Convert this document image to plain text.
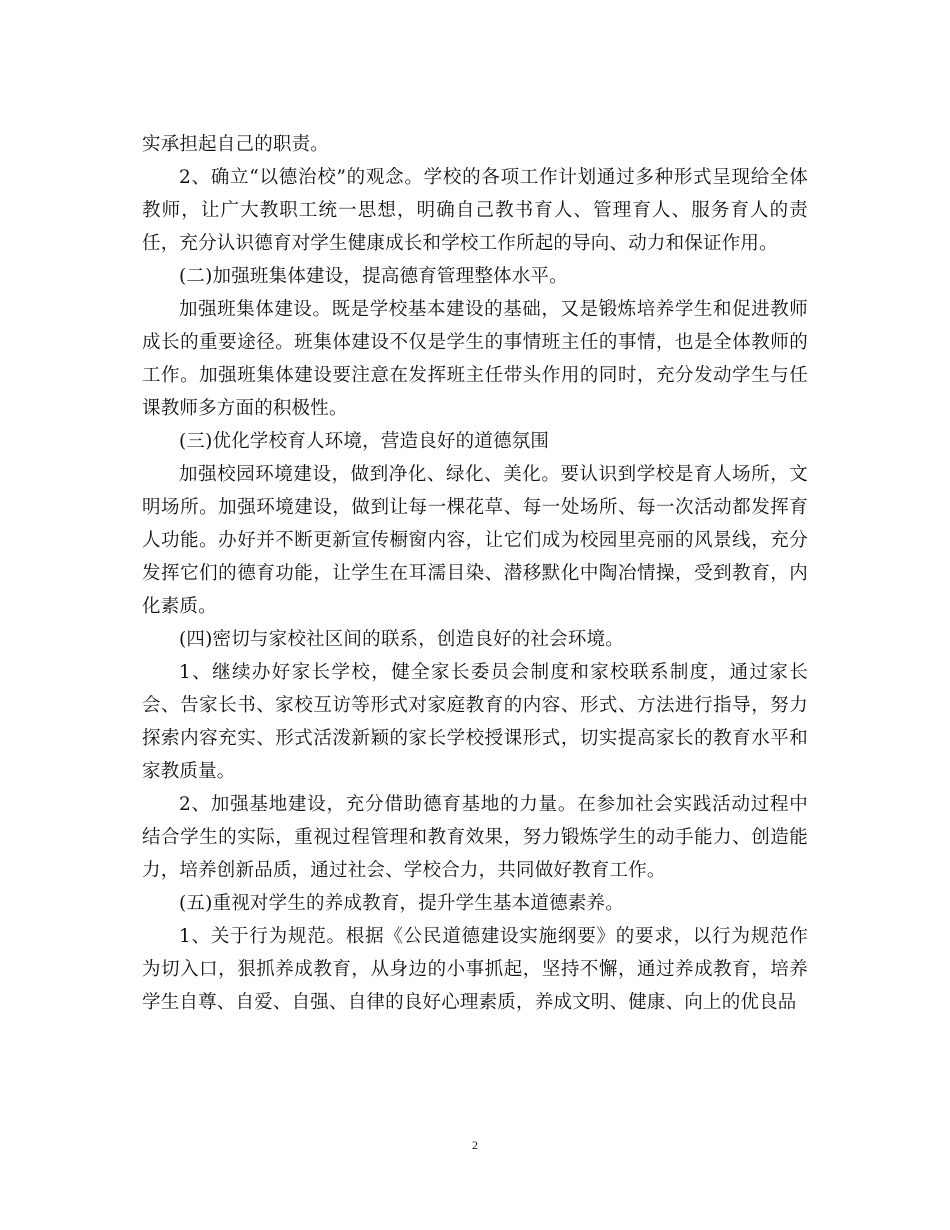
实承担起自己的职责。

2、确立“以德治校”的观念。学校的各项工作计划通过多种形式呈现给全体教师，让广大教职工统一思想，明确自己教书育人、管理育人、服务育人的责任，充分认识德育对学生健康成长和学校工作所起的导向、动力和保证作用。

(二)加强班集体建设，提高德育管理整体水平。

加强班集体建设。既是学校基本建设的基础，又是锻炼培养学生和促进教师成长的重要途径。班集体建设不仅是学生的事情班主任的事情，也是全体教师的工作。加强班集体建设要注意在发挥班主任带头作用的同时，充分发动学生与任课教师多方面的积极性。

(三)优化学校育人环境，营造良好的道德氛围

加强校园环境建设，做到净化、绿化、美化。要认识到学校是育人场所，文明场所。加强环境建设，做到让每一棵花草、每一处场所、每一次活动都发挥育人功能。办好并不断更新宣传橱窗内容，让它们成为校园里亮丽的风景线，充分发挥它们的德育功能，让学生在耳濡目染、潜移默化中陶冶情操，受到教育，内化素质。

(四)密切与家校社区间的联系，创造良好的社会环境。

1、继续办好家长学校，健全家长委员会制度和家校联系制度，通过家长会、告家长书、家校互访等形式对家庭教育的内容、形式、方法进行指导，努力探索内容充实、形式活泼新颖的家长学校授课形式，切实提高家长的教育水平和家教质量。

2、加强基地建设，充分借助德育基地的力量。在参加社会实践活动过程中结合学生的实际，重视过程管理和教育效果，努力锻炼学生的动手能力、创造能力，培养创新品质，通过社会、学校合力，共同做好教育工作。

(五)重视对学生的养成教育，提升学生基本道德素养。

1、关于行为规范。根据《公民道德建设实施纲要》的要求，以行为规范作为切入口，狠抓养成教育，从身边的小事抓起，坚持不懈，通过养成教育，培养学生自尊、自爱、自强、自律的良好心理素质，养成文明、健康、向上的优良品

2
